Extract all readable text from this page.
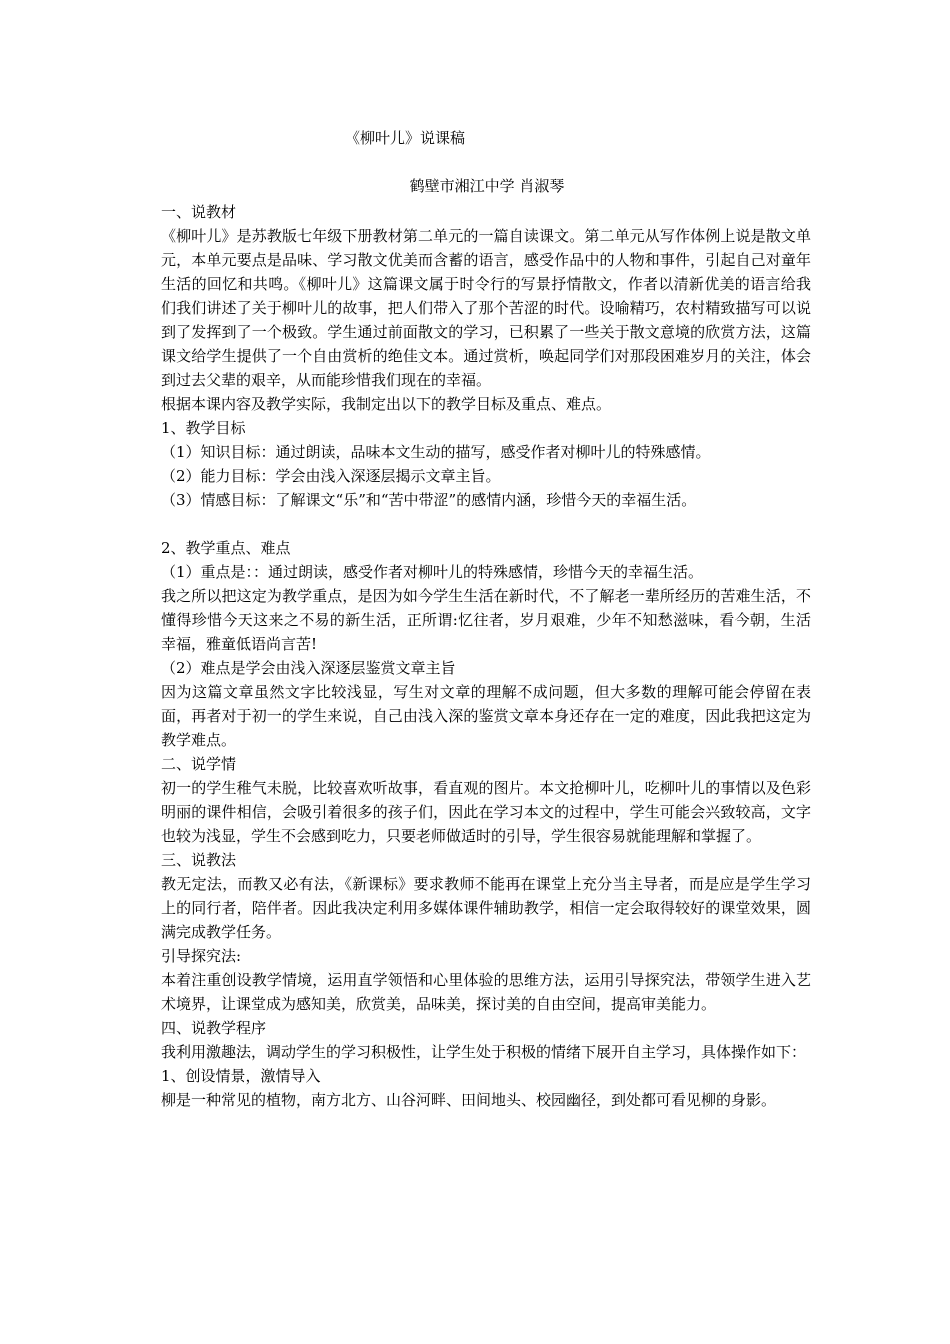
《柳叶儿》说课稿
鹤壁市湘江中学 肖淑琴

一、说教材

《柳叶儿》是苏教版七年级下册教材第二单元的一篇自读课文。第二单元从写作体例上说是散文单元，本单元要点是品味、学习散文优美而含蓄的语言，感受作品中的人物和事件，引起自己对童年生活的回忆和共鸣。《柳叶儿》这篇课文属于时令行的写景抒情散文，作者以清新优美的语言给我们我们讲述了关于柳叶儿的故事，把人们带入了那个苦涩的时代。设喻精巧，农村精致描写可以说到了发挥到了一个极致。学生通过前面散文的学习，已积累了一些关于散文意境的欣赏方法，这篇课文给学生提供了一个自由赏析的绝佳文本。通过赏析，唤起同学们对那段困难岁月的关注，体会到过去父辈的艰辛，从而能珍惜我们现在的幸福。

根据本课内容及教学实际，我制定出以下的教学目标及重点、难点。

1、教学目标

（1）知识目标：通过朗读，品味本文生动的描写，感受作者对柳叶儿的特殊感情。

（2）能力目标：学会由浅入深逐层揭示文章主旨。

（3）情感目标：了解课文“乐”和“苦中带涩”的感情内涵，珍惜今天的幸福生活。

2、教学重点、难点

（1）重点是：：通过朗读，感受作者对柳叶儿的特殊感情，珍惜今天的幸福生活。

我之所以把这定为教学重点，是因为如今学生生活在新时代，不了解老一辈所经历的苦难生活，不懂得珍惜今天这来之不易的新生活，正所谓:忆往者，岁月艰难，少年不知愁滋味，看今朝，生活幸福，雅童低语尚言苦!

（2）难点是学会由浅入深逐层鉴赏文章主旨

因为这篇文章虽然文字比较浅显，写生对文章的理解不成问题，但大多数的理解可能会停留在表面，再者对于初一的学生来说，自己由浅入深的鉴赏文章本身还存在一定的难度，因此我把这定为教学难点。

二、说学情

初一的学生稚气未脱，比较喜欢听故事，看直观的图片。本文抢柳叶儿，吃柳叶儿的事情以及色彩明丽的课件相信，会吸引着很多的孩子们，因此在学习本文的过程中，学生可能会兴致较高，文字也较为浅显，学生不会感到吃力，只要老师做适时的引导，学生很容易就能理解和掌握了。

三、说教法

教无定法，而教又必有法，《新课标》要求教师不能再在课堂上充分当主导者，而是应是学生学习上的同行者，陪伴者。因此我决定利用多媒体课件辅助教学，相信一定会取得较好的课堂效果，圆满完成教学任务。

引导探究法:

本着注重创设教学情境，运用直学领悟和心里体验的思维方法，运用引导探究法，带领学生进入艺术境界，让课堂成为感知美，欣赏美，品味美，探讨美的自由空间，提高审美能力。

四、说教学程序

我利用激趣法，调动学生的学习积极性，让学生处于积极的情绪下展开自主学习，具体操作如下：

1、创设情景，激情导入

柳是一种常见的植物，南方北方、山谷河畔、田间地头、校园幽径，到处都可看见柳的身影。
